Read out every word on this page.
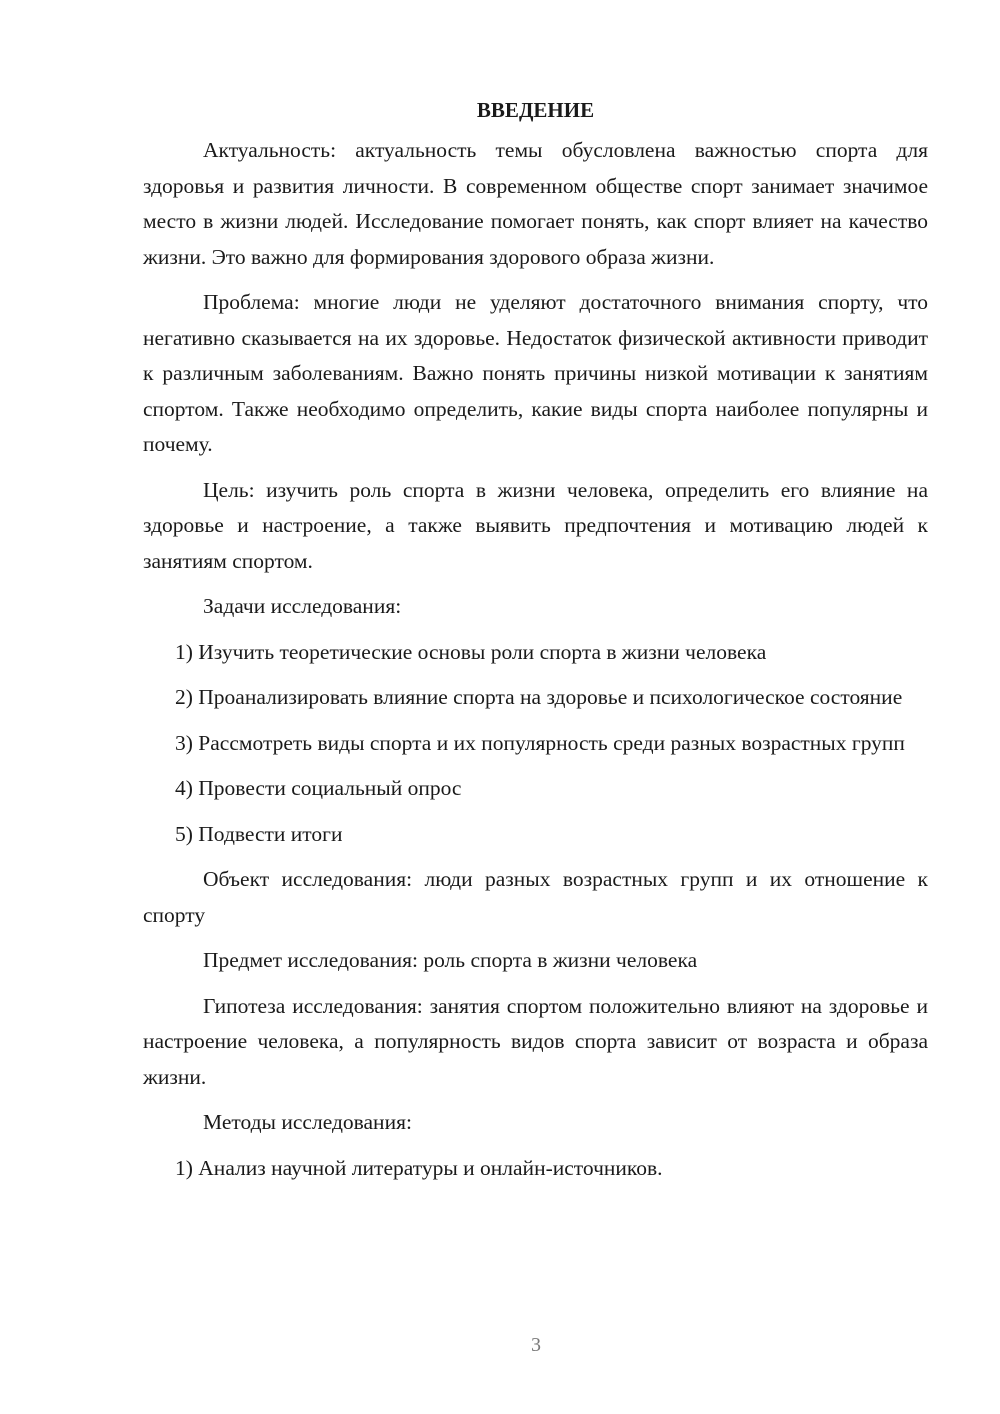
ВВЕДЕНИЕ

Актуальность: актуальность темы обусловлена важностью спорта для здоровья и развития личности. В современном обществе спорт занимает значимое место в жизни людей. Исследование помогает понять, как спорт влияет на качество жизни. Это важно для формирования здорового образа жизни.

Проблема: многие люди не уделяют достаточного внимания спорту, что негативно сказывается на их здоровье. Недостаток физической активности приводит к различным заболеваниям. Важно понять причины низкой мотивации к занятиям спортом. Также необходимо определить, какие виды спорта наиболее популярны и почему.

Цель: изучить роль спорта в жизни человека, определить его влияние на здоровье и настроение, а также выявить предпочтения и мотивацию людей к занятиям спортом.

Задачи исследования:

1) Изучить теоретические основы роли спорта в жизни человека

2) Проанализировать влияние спорта на здоровье и психологическое состояние

3) Рассмотреть виды спорта и их популярность среди разных возрастных групп

4) Провести социальный опрос

5) Подвести итоги

Объект исследования: люди разных возрастных групп и их отношение к спорту

Предмет исследования: роль спорта в жизни человека

Гипотеза исследования: занятия спортом положительно влияют на здоровье и настроение человека, а популярность видов спорта зависит от возраста и образа жизни.

Методы исследования:

1) Анализ научной литературы и онлайн-источников.

3
